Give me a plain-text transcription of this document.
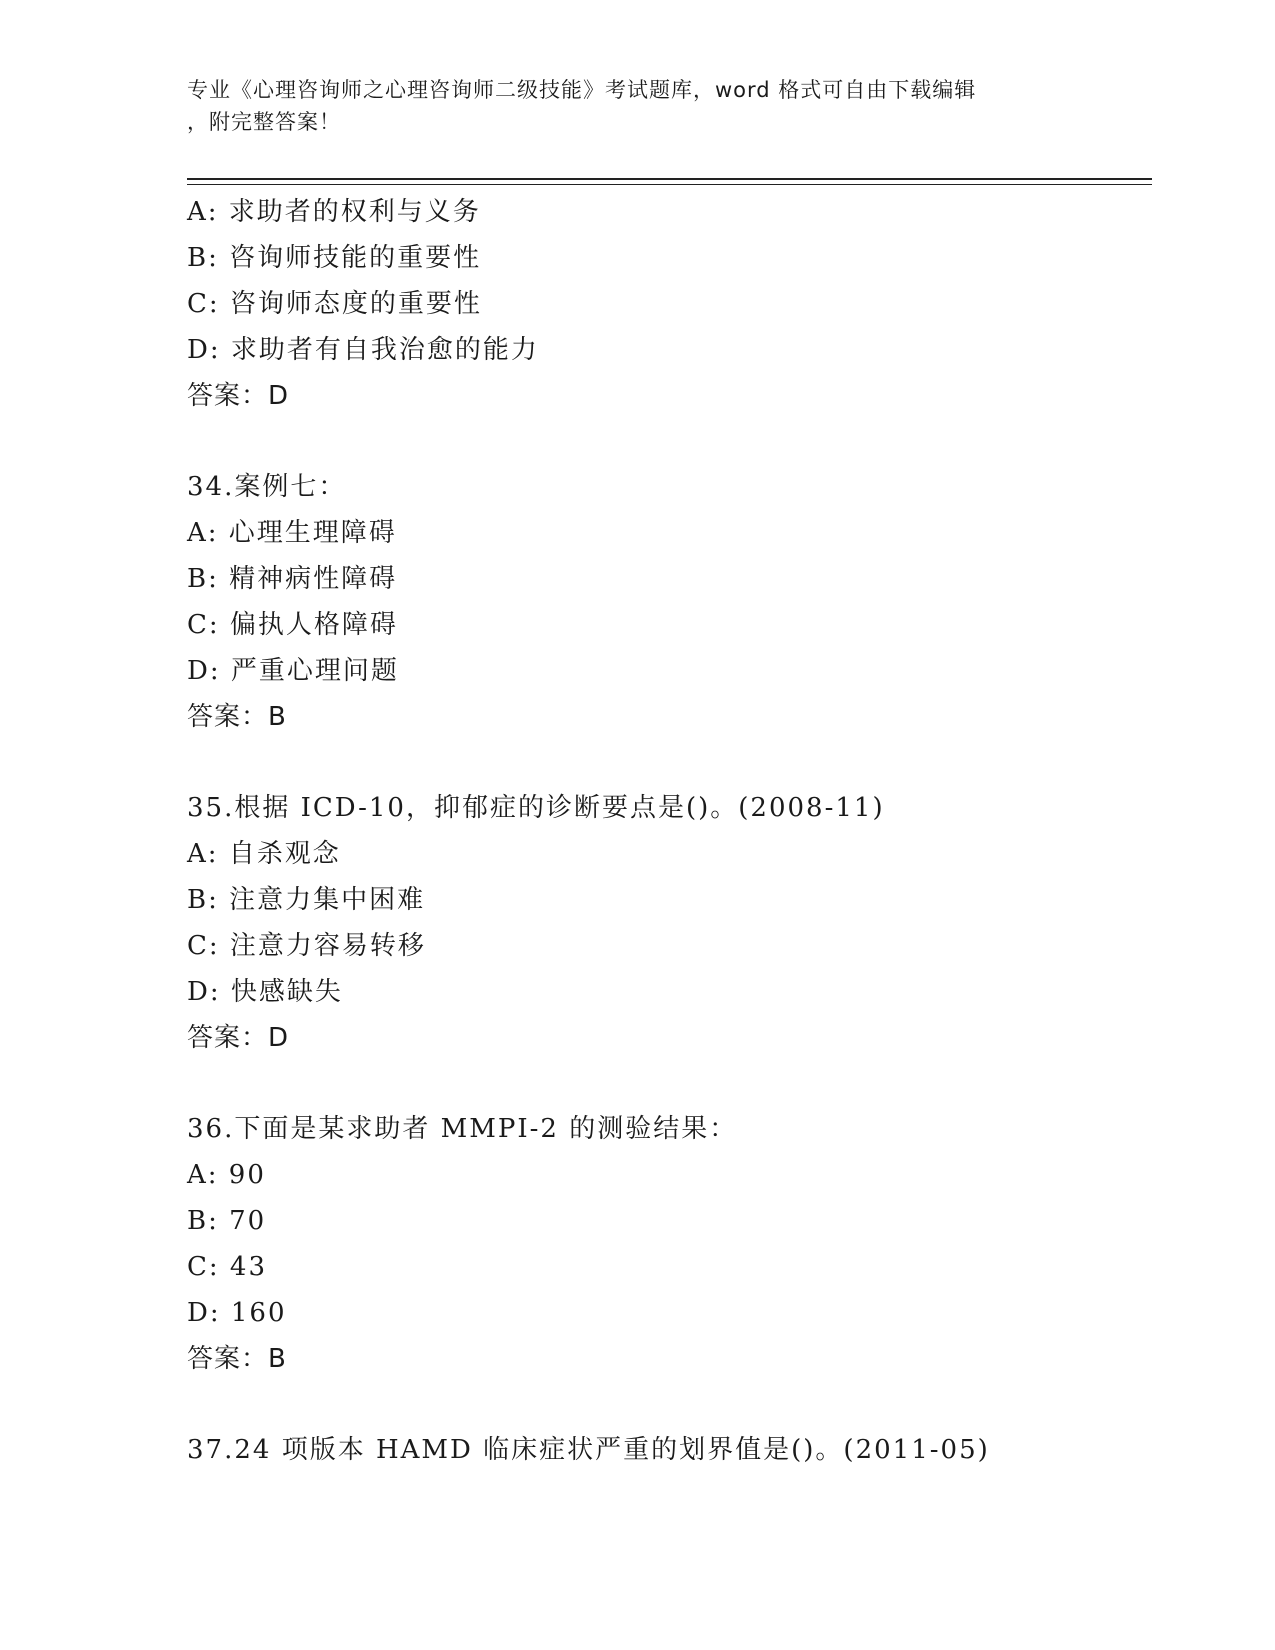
专业《心理咨询师之心理咨询师二级技能》考试题库，word 格式可自由下载编辑
，附完整答案！
A: 求助者的权利与义务
B: 咨询师技能的重要性
C: 咨询师态度的重要性
D: 求助者有自我治愈的能力
答案：D
34.案例七：
A: 心理生理障碍
B: 精神病性障碍
C: 偏执人格障碍
D: 严重心理问题
答案：B
35.根据 ICD-10，抑郁症的诊断要点是()。(2008-11)
A: 自杀观念
B: 注意力集中困难
C: 注意力容易转移
D: 快感缺失
答案：D
36.下面是某求助者 MMPI-2 的测验结果：
A: 90
B: 70
C: 43
D: 160
答案：B
37.24 项版本 HAMD 临床症状严重的划界值是()。(2011-05)
